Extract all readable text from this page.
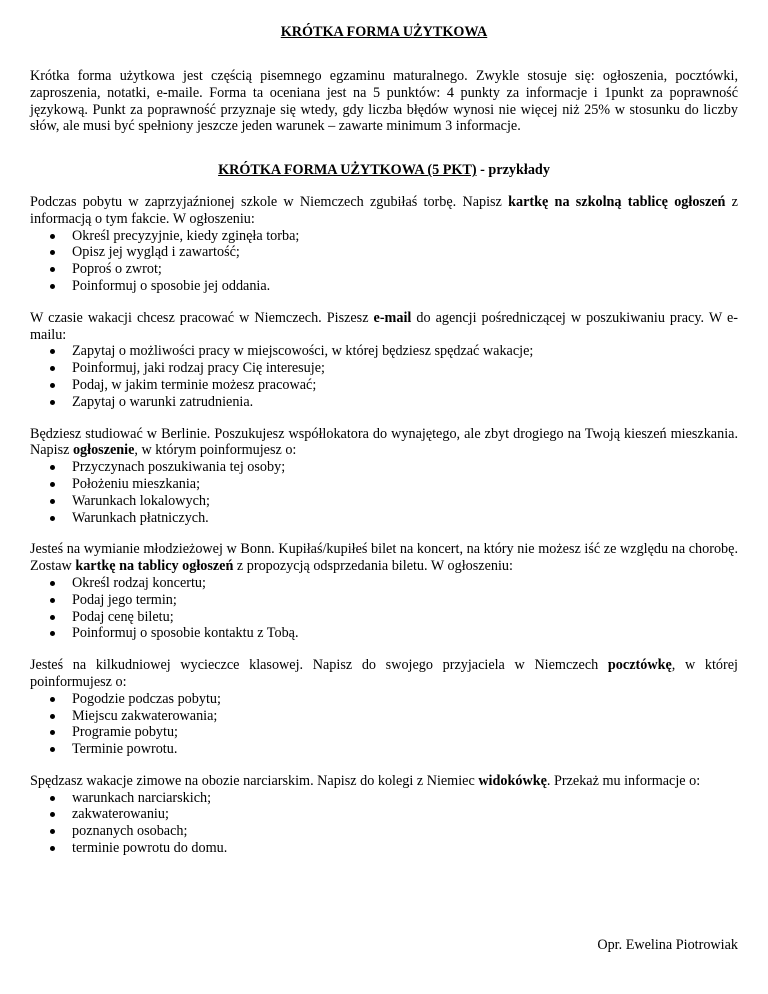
KRÓTKA FORMA UŻYTKOWA

Krótka forma użytkowa jest częścią pisemnego egzaminu maturalnego. Zwykle stosuje się: ogłoszenia, pocztówki, zaproszenia, notatki, e-maile. Forma ta oceniana jest na 5 punktów: 4 punkty za informacje i 1punkt za poprawność językową. Punkt za poprawność przyznaje się wtedy, gdy liczba błędów wynosi nie więcej niż 25% w stosunku do liczby słów, ale musi być spełniony jeszcze jeden warunek – zawarte minimum 3 informacje.

KRÓTKA FORMA UŻYTKOWA (5 PKT) - przykłady

Podczas pobytu w zaprzyjaźnionej szkole w Niemczech zgubiłaś torbę. Napisz kartkę na szkolną tablicę ogłoszeń z informacją o tym fakcie. W ogłoszeniu:

Określ precyzyjnie, kiedy zginęła torba;
Opisz jej wygląd i zawartość;
Poproś o zwrot;
Poinformuj o sposobie jej oddania.

W czasie wakacji chcesz pracować w Niemczech. Piszesz e-mail do agencji pośredniczącej w poszukiwaniu pracy. W e-mailu:

Zapytaj o możliwości pracy w miejscowości, w której będziesz spędzać wakacje;
Poinformuj, jaki rodzaj pracy Cię interesuje;
Podaj, w jakim terminie możesz pracować;
Zapytaj o warunki zatrudnienia.

Będziesz studiować w Berlinie. Poszukujesz współlokatora do wynajętego, ale zbyt drogiego na Twoją kieszeń mieszkania. Napisz ogłoszenie, w którym poinformujesz o:

Przyczynach poszukiwania tej osoby;
Położeniu mieszkania;
Warunkach lokalowych;
Warunkach płatniczych.

Jesteś na wymianie młodzieżowej w Bonn. Kupiłaś/kupiłeś bilet na koncert, na który nie możesz iść ze względu na chorobę. Zostaw kartkę na tablicy ogłoszeń z propozycją odsprzedania biletu. W ogłoszeniu:

Określ rodzaj koncertu;
Podaj jego termin;
Podaj cenę biletu;
Poinformuj o sposobie kontaktu z Tobą.

Jesteś na kilkudniowej wycieczce klasowej. Napisz do swojego przyjaciela w Niemczech pocztówkę, w której poinformujesz o:

Pogodzie podczas pobytu;
Miejscu zakwaterowania;
Programie pobytu;
Terminie powrotu.

Spędzasz wakacje zimowe na obozie narciarskim. Napisz do kolegi z Niemiec widokówkę. Przekaż mu informacje o:

warunkach narciarskich;
zakwaterowaniu;
poznanych osobach;
terminie powrotu do domu.

Opr. Ewelina Piotrowiak
